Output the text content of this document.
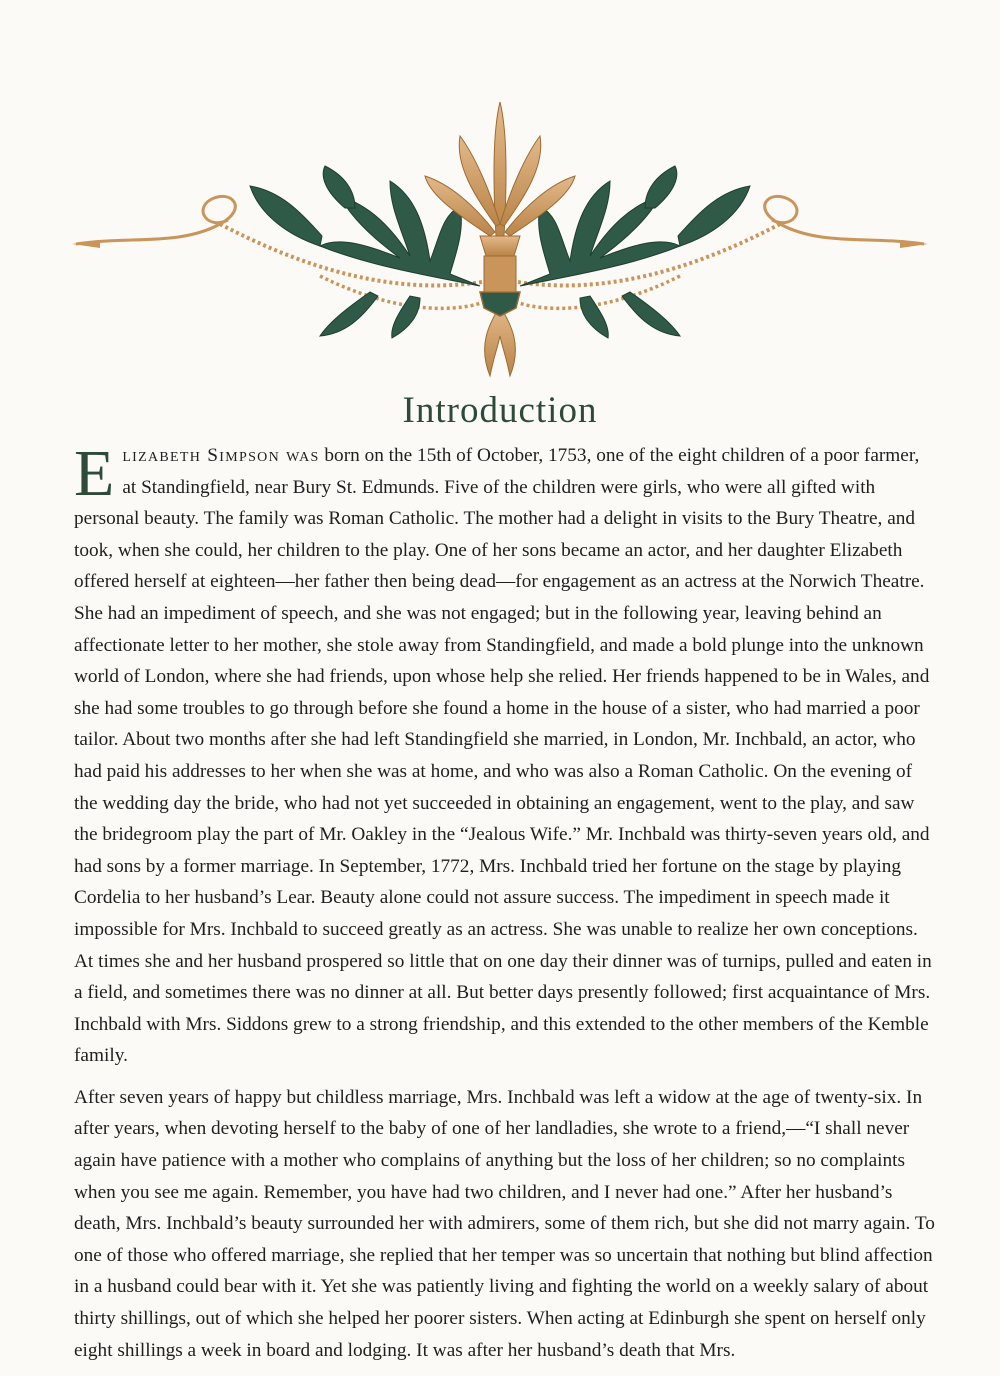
Introduction

Elizabeth Simpson was born on the 15th of October, 1753, one of the eight children of a poor farmer, at Standingfield, near Bury St. Edmunds. Five of the children were girls, who were all gifted with personal beauty. The family was Roman Catholic. The mother had a delight in visits to the Bury Theatre, and took, when she could, her children to the play. One of her sons became an actor, and her daughter Elizabeth offered herself at eighteen—her father then being dead—for engagement as an actress at the Norwich Theatre. She had an impediment of speech, and she was not engaged; but in the following year, leaving behind an affectionate letter to her mother, she stole away from Standingfield, and made a bold plunge into the unknown world of London, where she had friends, upon whose help she relied. Her friends happened to be in Wales, and she had some troubles to go through before she found a home in the house of a sister, who had married a poor tailor. About two months after she had left Standingfield she married, in London, Mr. Inchbald, an actor, who had paid his addresses to her when she was at home, and who was also a Roman Catholic. On the evening of the wedding day the bride, who had not yet succeeded in obtaining an engagement, went to the play, and saw the bridegroom play the part of Mr. Oakley in the “Jealous Wife.” Mr. Inchbald was thirty-seven years old, and had sons by a former marriage. In September, 1772, Mrs. Inchbald tried her fortune on the stage by playing Cordelia to her husband’s Lear. Beauty alone could not assure success. The impediment in speech made it impossible for Mrs. Inchbald to succeed greatly as an actress. She was unable to realize her own conceptions. At times she and her husband prospered so little that on one day their dinner was of turnips, pulled and eaten in a field, and sometimes there was no dinner at all. But better days presently followed; first acquaintance of Mrs. Inchbald with Mrs. Siddons grew to a strong friendship, and this extended to the other members of the Kemble family.

After seven years of happy but childless marriage, Mrs. Inchbald was left a widow at the age of twenty-six. In after years, when devoting herself to the baby of one of her landladies, she wrote to a friend,—“I shall never again have patience with a mother who complains of anything but the loss of her children; so no complaints when you see me again. Remember, you have had two children, and I never had one.” After her husband’s death, Mrs. Inchbald’s beauty surrounded her with admirers, some of them rich, but she did not marry again. To one of those who offered marriage, she replied that her temper was so uncertain that nothing but blind affection in a husband could bear with it. Yet she was patiently living and fighting the world on a weekly salary of about thirty shillings, out of which she helped her poorer sisters. When acting at Edinburgh she spent on herself only eight shillings a week in board and lodging. It was after her husband’s death that Mrs.
